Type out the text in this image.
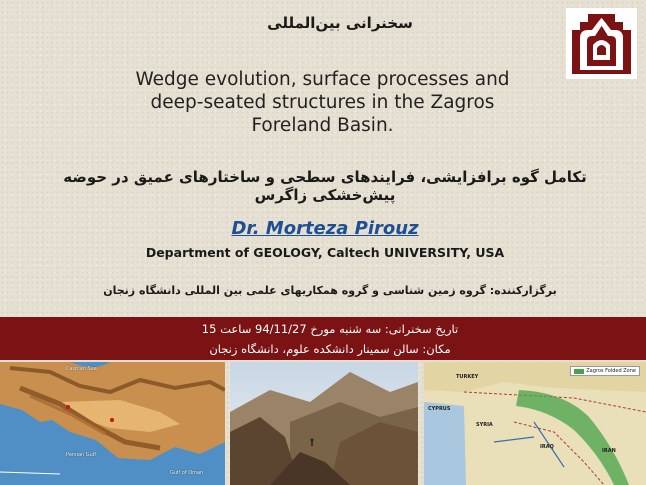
سخنرانی بین‌المللی
Wedge evolution, surface processes and deep-seated structures in the Zagros Foreland Basin.
تکامل گوه برافزایشی، فرایندهای سطحی و ساختارهای عمیق در حوضه پیش‌خشکی زاگرس
Dr. Morteza Pirouz
Department of GEOLOGY, Caltech UNIVERSITY, USA
برگزارکننده: گروه زمین شناسی و گروه همکاریهای علمی بین المللی دانشگاه زنجان
تاریخ سخنرانی: سه شنبه مورخ 94/11/27 ساعت 15
مکان: سالن سمینار دانشکده علوم، دانشگاه زنجان
Caspian Sea
Persian Gulf
Gulf of Oman
Zagros Folded Zone
TURKEY
CYPRUS
SYRIA
IRAQ
IRAN
